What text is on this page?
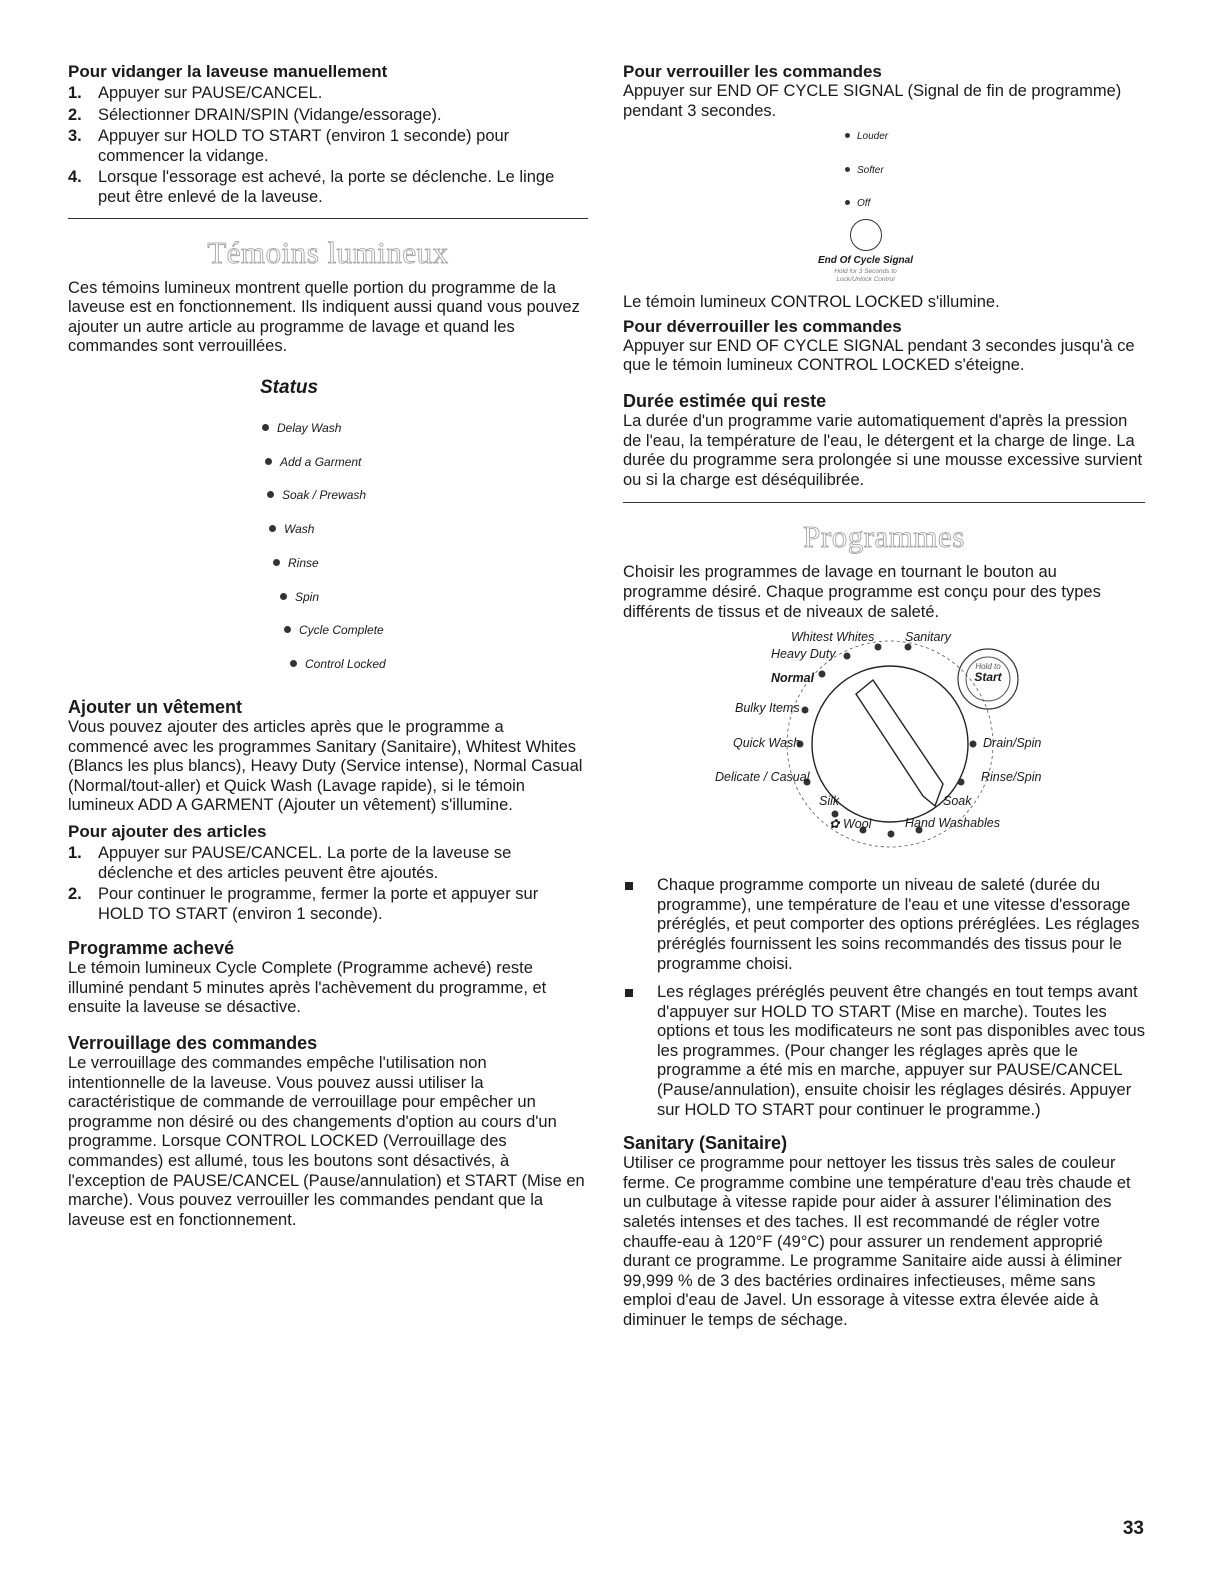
Pour vidanger la laveuse manuellement
1. Appuyer sur PAUSE/CANCEL.
2. Sélectionner DRAIN/SPIN (Vidange/essorage).
3. Appuyer sur HOLD TO START (environ 1 seconde) pour commencer la vidange.
4. Lorsque l'essorage est achevé, la porte se déclenche. Le linge peut être enlevé de la laveuse.
Témoins lumineux

Ces témoins lumineux montrent quelle portion du programme de la laveuse est en fonctionnement. Ils indiquent aussi quand vous pouvez ajouter un autre article au programme de lavage et quand les commandes sont verrouillées.

Status
Delay Wash
Add a Garment
Soak / Prewash
Wash
Rinse
Spin
Cycle Complete
Control Locked
Ajouter un vêtement

Vous pouvez ajouter des articles après que le programme a commencé avec les programmes Sanitary (Sanitaire), Whitest Whites (Blancs les plus blancs), Heavy Duty (Service intense), Normal Casual (Normal/tout-aller) et Quick Wash (Lavage rapide), si le témoin lumineux ADD A GARMENT (Ajouter un vêtement) s'illumine.

Pour ajouter des articles
1. Appuyer sur PAUSE/CANCEL. La porte de la laveuse se déclenche et des articles peuvent être ajoutés.
2. Pour continuer le programme, fermer la porte et appuyer sur HOLD TO START (environ 1 seconde).
Programme achevé

Le témoin lumineux Cycle Complete (Programme achevé) reste illuminé pendant 5 minutes après l'achèvement du programme, et ensuite la laveuse se désactive.

Verrouillage des commandes

Le verrouillage des commandes empêche l'utilisation non intentionnelle de la laveuse. Vous pouvez aussi utiliser la caractéristique de commande de verrouillage pour empêcher un programme non désiré ou des changements d'option au cours d'un programme. Lorsque CONTROL LOCKED (Verrouillage des commandes) est allumé, tous les boutons sont désactivés, à l'exception de PAUSE/CANCEL (Pause/annulation) et START (Mise en marche). Vous pouvez verrouiller les commandes pendant que la laveuse est en fonctionnement.

Pour verrouiller les commandes

Appuyer sur END OF CYCLE SIGNAL (Signal de fin de programme) pendant 3 secondes.

Louder
Softer
Off
End Of Cycle Signal
Hold for 3 Seconds to
Lock/Unlock Control

Le témoin lumineux CONTROL LOCKED s'illumine.

Pour déverrouiller les commandes

Appuyer sur END OF CYCLE SIGNAL pendant 3 secondes jusqu'à ce que le témoin lumineux CONTROL LOCKED s'éteigne.

Durée estimée qui reste

La durée d'un programme varie automatiquement d'après la pression de l'eau, la température de l'eau, le détergent et la charge de linge. La durée du programme sera prolongée si une mousse excessive survient ou si la charge est déséquilibrée.

Programmes

Choisir les programmes de lavage en tournant le bouton au programme désiré. Chaque programme est conçu pour des types différents de tissus et de niveaux de saleté.

Whitest Whites Sanitary
Heavy Duty
Normal
Bulky Items
Quick Wash
Delicate / Casual
Silk
✿ Wool	Hand Washables
Soak
Rinse/Spin
Drain/Spin
Hold to
Start
Chaque programme comporte un niveau de saleté (durée du programme), une température de l'eau et une vitesse d'essorage préréglés, et peut comporter des options préréglées. Les réglages préréglés fournissent les soins recommandés des tissus pour le programme choisi.
Les réglages préréglés peuvent être changés en tout temps avant d'appuyer sur HOLD TO START (Mise en marche). Toutes les options et tous les modificateurs ne sont pas disponibles avec tous les programmes. (Pour changer les réglages après que le programme a été mis en marche, appuyer sur PAUSE/CANCEL (Pause/annulation), ensuite choisir les réglages désirés. Appuyer sur HOLD TO START pour continuer le programme.)
Sanitary (Sanitaire)

Utiliser ce programme pour nettoyer les tissus très sales de couleur ferme. Ce programme combine une température d'eau très chaude et un culbutage à vitesse rapide pour aider à assurer l'élimination des saletés intenses et des taches. Il est recommandé de régler votre chauffe-eau à 120°F (49°C) pour assurer un rendement approprié durant ce programme. Le programme Sanitaire aide aussi à éliminer 99,999 % de 3 des bactéries ordinaires infectieuses, même sans emploi d'eau de Javel. Un essorage à vitesse extra élevée aide à diminuer le temps de séchage.

33
